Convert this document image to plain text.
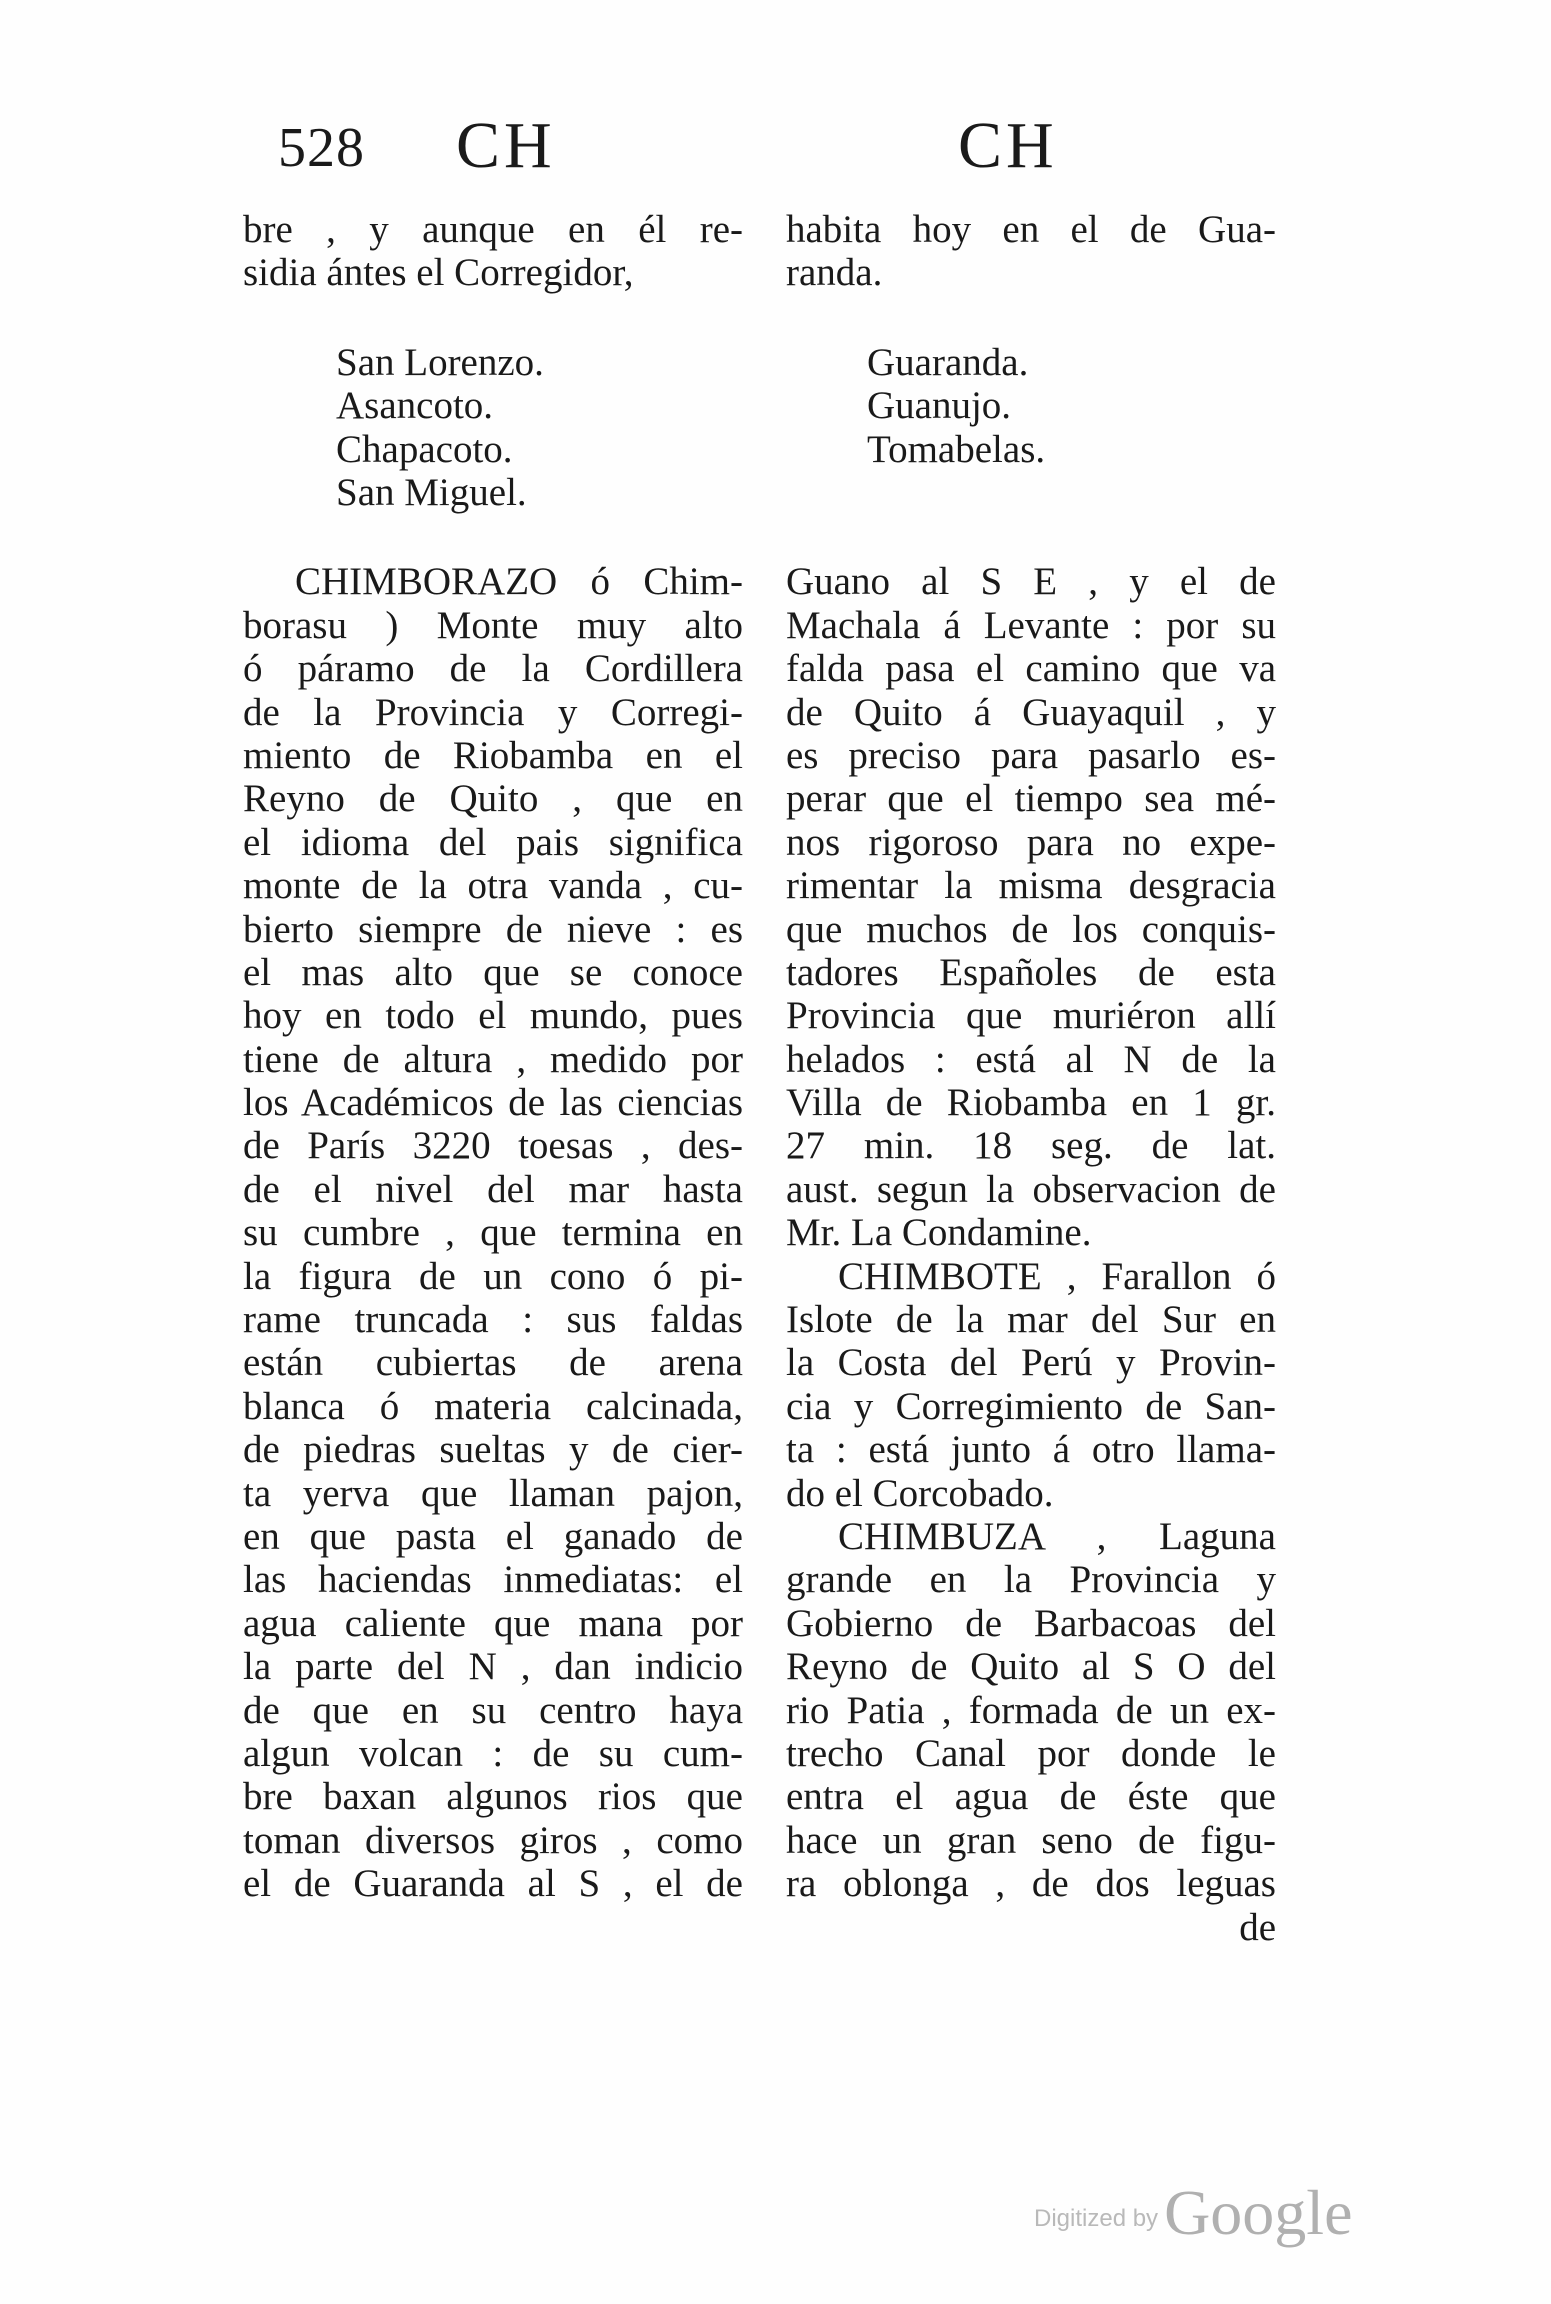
528 CH	CH
bre , y aunque en él re-
sidia ántes el Corregidor,
San Lorenzo.
Asancoto.
Chapacoto.
San Miguel.
CHIMBORAZO ó Chim-
borasu ) Monte muy alto
ó páramo de la Cordillera
de la Provincia y Corregi-
miento de Riobamba en el
Reyno de Quito , que en
el idioma del pais significa
monte de la otra vanda , cu-
bierto siempre de nieve : es
el mas alto que se conoce
hoy en todo el mundo, pues
tiene de altura , medido por
los Académicos de las ciencias
de París 3220 toesas , des-
de el nivel del mar hasta
su cumbre , que termina en
la figura de un cono ó pi-
rame truncada : sus faldas
están cubiertas de arena
blanca ó materia calcinada,
de piedras sueltas y de cier-
ta yerva que llaman pajon,
en que pasta el ganado de
las haciendas inmediatas: el
agua caliente que mana por
la parte del N , dan indicio
de que en su centro haya
algun volcan : de su cum-
bre baxan algunos rios que
toman diversos giros , como
el de Guaranda al S , el de
habita hoy en el de Gua-
randa.
Guaranda.
Guanujo.
Tomabelas.
Guano al S E , y el de
Machala á Levante : por su
falda pasa el camino que va
de Quito á Guayaquil , y
es preciso para pasarlo es-
perar que el tiempo sea mé-
nos rigoroso para no expe-
rimentar la misma desgracia
que muchos de los conquis-
tadores Españoles de esta
Provincia que muriéron allí
helados : está al N de la
Villa de Riobamba en 1 gr.
27 min. 18 seg. de lat.
aust. segun la observacion de
Mr. La Condamine.
CHIMBOTE , Farallon ó
Islote de la mar del Sur en
la Costa del Perú y Provin-
cia y Corregimiento de San-
ta : está junto á otro llama-
do el Corcobado.
CHIMBUZA , Laguna
grande en la Provincia y
Gobierno de Barbacoas del
Reyno de Quito al S O del
rio Patia , formada de un ex-
trecho Canal por donde le
entra el agua de éste que
hace un gran seno de figu-
ra oblonga , de dos leguas
de
Digitized byGoogle
